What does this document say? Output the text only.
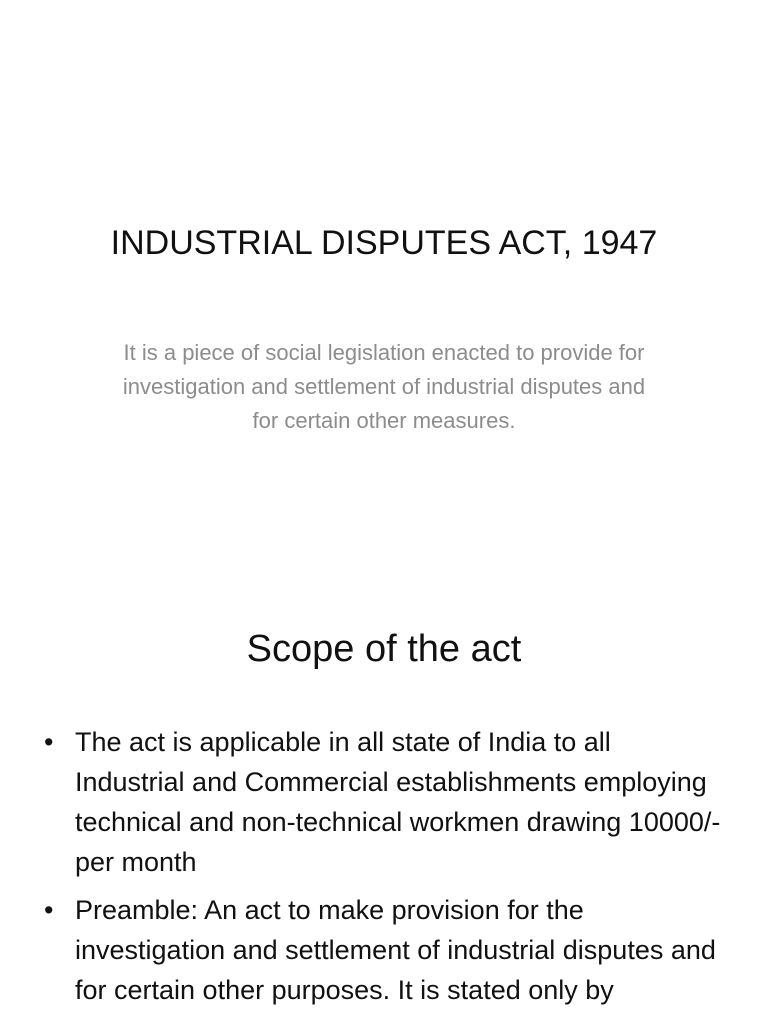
INDUSTRIAL DISPUTES ACT, 1947
It is a piece of social legislation enacted to provide for investigation and settlement of industrial disputes and for certain other measures.
Scope of the act
• The act is applicable in all state of India to all Industrial and Commercial establishments employing technical and non-technical workmen drawing 10000/- per month
• Preamble: An act to make provision for the investigation and settlement of industrial disputes and for certain other purposes. It is stated only by
